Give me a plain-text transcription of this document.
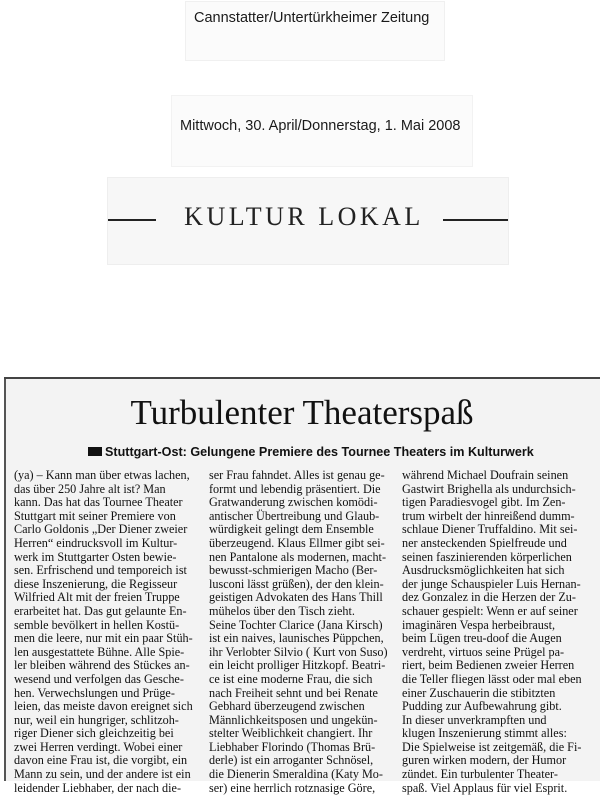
Cannstatter/Untertürkheimer Zeitung
Mittwoch, 30. April/Donnerstag, 1. Mai 2008
KULTUR LOKAL
Turbulenter Theaterspaß
Stuttgart-Ost: Gelungene Premiere des Tournee Theaters im Kulturwerk
(ya) – Kann man über etwas lachen,
das über 250 Jahre alt ist? Man
kann. Das hat das Tournee Theater
Stuttgart mit seiner Premiere von
Carlo Goldonis „Der Diener zweier
Herren“ eindrucksvoll im Kultur-
werk im Stuttgarter Osten bewie-
sen. Erfrischend und temporeich ist
diese Inszenierung, die Regisseur
Wilfried Alt mit der freien Truppe
erarbeitet hat. Das gut gelaunte En-
semble bevölkert in hellen Kostü-
men die leere, nur mit ein paar Stüh-
len ausgestattete Bühne. Alle Spie-
ler bleiben während des Stückes an-
wesend und verfolgen das Gesche-
hen. Verwechslungen und Prüge-
leien, das meiste davon ereignet sich
nur, weil ein hungriger, schlitzoh-
riger Diener sich gleichzeitig bei
zwei Herren verdingt. Wobei einer
davon eine Frau ist, die vorgibt, ein
Mann zu sein, und der andere ist ein
leidender Liebhaber, der nach die-
ser Frau fahndet. Alles ist genau ge-
formt und lebendig präsentiert. Die
Gratwanderung zwischen komödi-
antischer Übertreibung und Glaub-
würdigkeit gelingt dem Ensemble
überzeugend. Klaus Ellmer gibt sei-
nen Pantalone als modernen, macht-
bewusst-schmierigen Macho (Ber-
lusconi lässt grüßen), der den klein-
geistigen Advokaten des Hans Thill
mühelos über den Tisch zieht.
Seine Tochter Clarice (Jana Kirsch)
ist ein naives, launisches Püppchen,
ihr Verlobter Silvio ( Kurt von Suso)
ein leicht prolliger Hitzkopf. Beatri-
ce ist eine moderne Frau, die sich
nach Freiheit sehnt und bei Renate
Gebhard überzeugend zwischen
Männlichkeitsposen und ungekün-
stelter Weiblichkeit changiert. Ihr
Liebhaber Florindo (Thomas Brü-
derle) ist ein arroganter Schnösel,
die Dienerin Smeraldina (Katy Mo-
ser) eine herrlich rotznasige Göre,
während Michael Doufrain seinen
Gastwirt Brighella als undurchsich-
tigen Paradiesvogel gibt. Im Zen-
trum wirbelt der hinreißend dumm-
schlaue Diener Truffaldino. Mit sei-
ner ansteckenden Spielfreude und
seinen faszinierenden körperlichen
Ausdrucksmöglichkeiten hat sich
der junge Schauspieler Luis Hernan-
dez Gonzalez in die Herzen der Zu-
schauer gespielt: Wenn er auf seiner
imaginären Vespa herbeibraust,
beim Lügen treu-doof die Augen
verdreht, virtuos seine Prügel pa-
riert, beim Bedienen zweier Herren
die Teller fliegen lässt oder mal eben
einer Zuschauerin die stibitzten
Pudding zur Aufbewahrung gibt.
In dieser unverkrampften und
klugen Inszenierung stimmt alles:
Die Spielweise ist zeitgemäß, die Fi-
guren wirken modern, der Humor
zündet. Ein turbulenter Theater-
spaß. Viel Applaus für viel Esprit.
